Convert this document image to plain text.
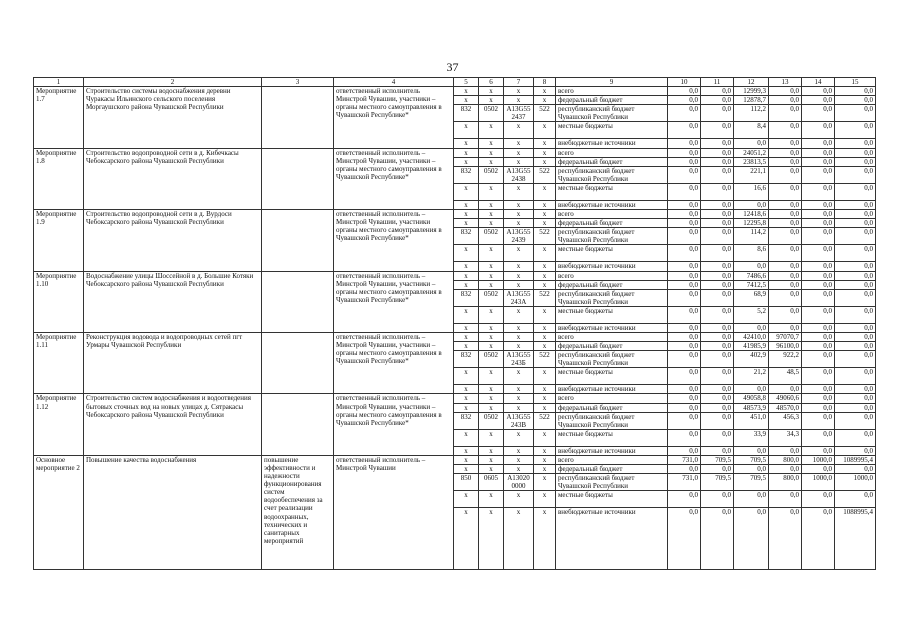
37
1	2	3	4	5	6	7	8	9	10	11	12	13	14	15
Мероприятие 1.7	Строительство системы водоснабжения деревни Чуракасы Ильинского сельского поселения Моргаушского района Чувашской Республики		ответственный исполнитель Минстрой Чувашии, участники – органы местного самоуправления в Чувашской Республике*	x	x	x	x	всего	0,0	0,0	12999,3	0,0	0,0	0,0
				x	x	x	x	федеральный бюджет	0,0	0,0	12878,7	0,0	0,0	0,0
				832	0502	А13G55 2437	522	республиканский бюджет Чувашской Республики	0,0	0,0	112,2	0,0	0,0	0,0
				x	x	x	x	местные бюджеты	0,0	0,0	8,4	0,0	0,0	0,0
				x	x	x	x	внебюджетные источники	0,0	0,0	0,0	0,0	0,0	0,0
Мероприятие 1.8	Строительство водопроводной сети в д. Кибечкасы Чебоксарского района Чувашской Республики		ответственный исполнитель – Минстрой Чувашии, участники – органы местного самоуправления в Чувашской Республике*	x	x	x	x	всего	0,0	0,0	24051,2	0,0	0,0	0,0
				x	x	x	x	федеральный бюджет	0,0	0,0	23813,5	0,0	0,0	0,0
				832	0502	А13G55 2438	522	республиканский бюджет Чувашской Республики	0,0	0,0	221,1	0,0	0,0	0,0
				x	x	x	x	местные бюджеты	0,0	0,0	16,6	0,0	0,0	0,0
				x	x	x	x	внебюджетные источники	0,0	0,0	0,0	0,0	0,0	0,0
Мероприятие 1.9	Строительство водопроводной сети в д. Вурдоси Чебоксарского района Чувашской Республики		ответственный исполнитель – Минстрой Чувашии, участники органы местного самоуправления в Чувашской Республике*	x	x	x	x	всего	0,0	0,0	12418,6	0,0	0,0	0,0
				x	x	x	x	федеральный бюджет	0,0	0,0	12295,8	0,0	0,0	0,0
				832	0502	А13G55 2439	522	республиканский бюджет Чувашской Республики	0,0	0,0	114,2	0,0	0,0	0,0
				x	x	x	x	местные бюджеты	0,0	0,0	8,6	0,0	0,0	0,0
				x	x	x	x	внебюджетные источники	0,0	0,0	0,0	0,0	0,0	0,0
Мероприятие 1.10	Водоснабжение улицы Шоссейной в д. Большие Котяки Чебоксарского района Чувашской Республики		ответственный исполнитель – Минстрой Чувашии, участники – органы местного самоуправления в Чувашской Республике*	x	x	x	x	всего	0,0	0,0	7486,6	0,0	0,0	0,0
				x	x	x	x	федеральный бюджет	0,0	0,0	7412,5	0,0	0,0	0,0
				832	0502	А13G55 243А	522	республиканский бюджет Чувашской Республики	0,0	0,0	68,9	0,0	0,0	0,0
				x	x	x	x	местные бюджеты	0,0	0,0	5,2	0,0	0,0	0,0
				x	x	x	x	внебюджетные источники	0,0	0,0	0,0	0,0	0,0	0,0
Мероприятие 1.11	Реконструкция водовода и водопроводных сетей пгт Урмары Чувашской Республики		ответственный исполнитель – Минстрой Чувашии, участники – органы местного самоуправления в Чувашской Республике*	x	x	x	x	всего	0,0	0,0	42410,0	97070,7	0,0	0,0
				x	x	x	x	федеральный бюджет	0,0	0,0	41985,9	96100,0	0,0	0,0
				832	0502	А13G55 243Б	522	республиканский бюджет Чувашской Республики	0,0	0,0	402,9	922,2	0,0	0,0
				x	x	x	x	местные бюджеты	0,0	0,0	21,2	48,5	0,0	0,0
				x	x	x	x	внебюджетные источники	0,0	0,0	0,0	0,0	0,0	0,0
Мероприятие 1.12	Строительство систем водоснабжения и водоотведения бытовых сточных вод на новых улицах д. Сятракасы Чебоксарского района Чувашской Республики		ответственный исполнитель – Минстрой Чувашии, участники – органы местного самоуправления в Чувашской Республике*	x	x	x	x	всего	0,0	0,0	49058,8	49060,6	0,0	0,0
				x	x	x	x	федеральный бюджет	0,0	0,0	48573,9	48570,0	0,0	0,0
				832	0502	А13G55 243В	522	республиканский бюджет Чувашской Республики	0,0	0,0	451,0	456,3	0,0	0,0
				x	x	x	x	местные бюджеты	0,0	0,0	33,9	34,3	0,0	0,0
				x	x	x	x	внебюджетные источники	0,0	0,0	0,0	0,0	0,0	0,0
Основное мероприятие 2	Повышение качества водоснабжения	повышение эффективности и надежности функционирования систем водообеспечения за счет реализации водоохранных, технических и санитарных мероприятий	ответственный исполнитель – Минстрой Чувашии	x	x	x	x	всего	731,0	709,5	709,5	800,0	1000,0	1089995,4
				x	x	x	x	федеральный бюджет	0,0	0,0	0,0	0,0	0,0	0,0
				850	0605	А13020 0000	x	республиканский бюджет Чувашской Республики	731,0	709,5	709,5	800,0	1000,0	1000,0
				x	x	x	x	местные бюджеты	0,0	0,0	0,0	0,0	0,0	0,0
				x	x	x	x	внебюджетные источники	0,0	0,0	0,0	0,0	0,0	1088995,4
